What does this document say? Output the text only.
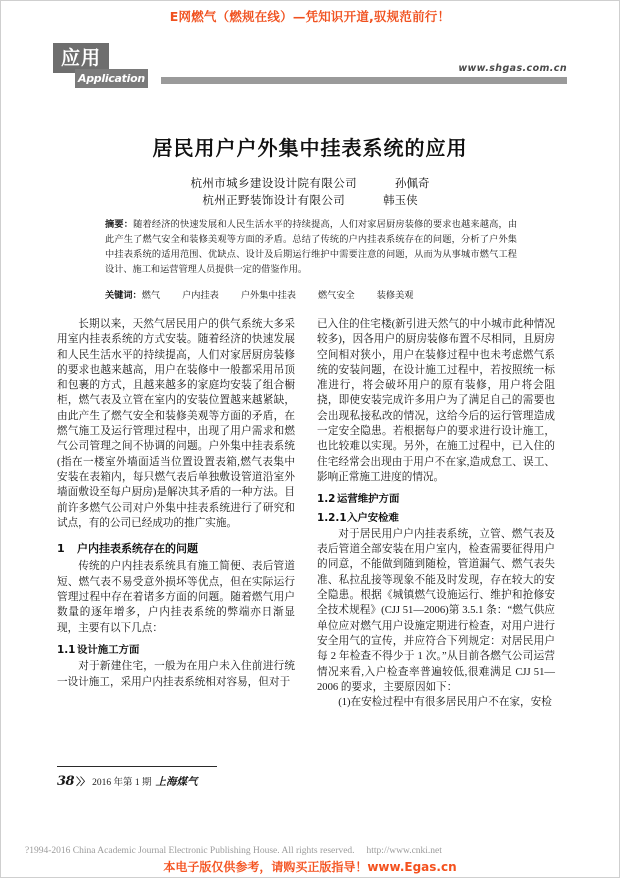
E网燃气（燃规在线）—凭知识开道,驭规范前行！
应用
Application
www.shgas.com.cn
居民用户户外集中挂表系统的应用
杭州市城乡建设设计院有限公司	孙佩奇
杭州正野装饰设计有限公司	韩玉侠
摘要：随着经济的快速发展和人民生活水平的持续提高，人们对家居厨房装修的要求也越来越高，由此产生了燃气安全和装修美观等方面的矛盾。总结了传统的户内挂表系统存在的问题，分析了户外集中挂表系统的适用范围、优缺点、设计及后期运行维护中需要注意的问题，从而为从事城市燃气工程设计、施工和运营管理人员提供一定的借鉴作用。
关键词：燃气 户内挂表 户外集中挂表 燃气安全 装修美观

长期以来，天然气居民用户的供气系统大多采用室内挂表系统的方式安装。随着经济的快速发展和人民生活水平的持续提高，人们对家居厨房装修的要求也越来越高，用户在装修中一般都采用吊顶和包裹的方式，且越来越多的家庭均安装了组合橱柜，燃气表及立管在室内的安装位置越来越紧缺，由此产生了燃气安全和装修美观等方面的矛盾，在燃气施工及运行管理过程中，出现了用户需求和燃气公司管理之间不协调的问题。户外集中挂表系统(指在一楼室外墙面适当位置设置表箱,燃气表集中安装在表箱内，每只燃气表后单独敷设管道沿室外墙面敷设至每户厨房)是解决其矛盾的一种方法。目前许多燃气公司对户外集中挂表系统进行了研究和试点，有的公司已经成功的推广实施。

1 户内挂表系统存在的问题

传统的户内挂表系统具有施工简便、表后管道短、燃气表不易受意外损坏等优点，但在实际运行管理过程中存在着诸多方面的问题。随着燃气用户数量的逐年增多，户内挂表系统的弊端亦日渐显现，主要有以下几点：

1.1 设计施工方面

对于新建住宅，一般为在用户未入住前进行统一设计施工，采用户内挂表系统相对容易，但对于

已入住的住宅楼(新引进天然气的中小城市此种情况较多)，因各用户的厨房装修布置不尽相同，且厨房空间相对狭小，用户在装修过程中也未考虑燃气系统的安装问题，在设计施工过程中，若按照统一标准进行，将会破坏用户的原有装修，用户将会阻挠，即使安装完成许多用户为了满足自己的需要也会出现私接私改的情况，这给今后的运行管理造成一定安全隐患。若根据每户的要求进行设计施工，也比较难以实现。另外，在施工过程中，已入住的住宅经常会出现由于用户不在家,造成怠工、误工、影响正常施工进度的情况。

1.2 运营维护方面
1.2.1入户安检难

对于居民用户户内挂表系统，立管、燃气表及表后管道全部安装在用户室内，检查需要征得用户的同意，不能做到随到随检，管道漏气、燃气表失准、私拉乱接等现象不能及时发现，存在较大的安全隐患。根据《城镇燃气设施运行、维护和抢修安全技术规程》(CJJ 51—2006)第 3.5.1 条：“燃气供应单位应对燃气用户设施定期进行检查，对用户进行安全用气的宣传，并应符合下列规定：对居民用户每 2 年检查不得少于 1 次。”从目前各燃气公司运营情况来看,入户检查率普遍较低,很难满足 CJJ 51—2006 的要求，主要原因如下：

(1)在安检过程中有很多居民用户不在家，安检

38 〉〉 2016 年第 1 期 上海煤气
?1994-2016 China Academic Journal Electronic Publishing House. All rights reserved. http://www.cnki.net
本电子版仅供参考，请购买正版指导！www.Egas.cn
